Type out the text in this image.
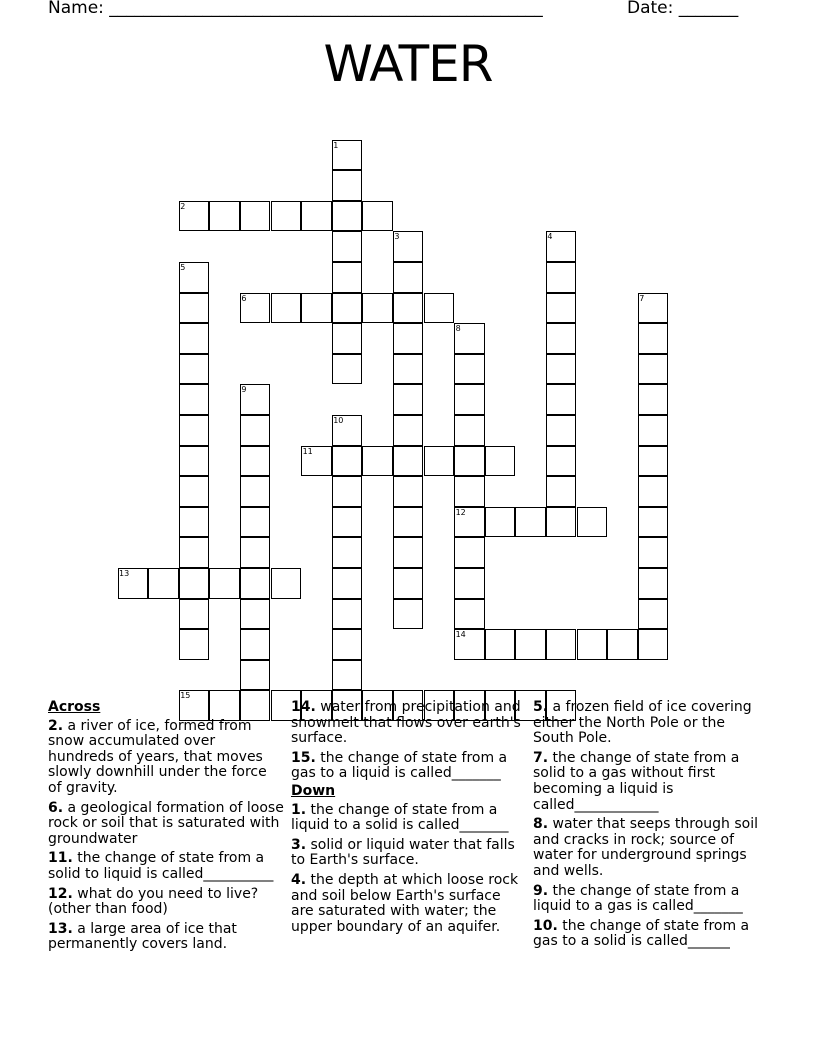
Name: ___________________________________________________	Date: _______
WATER
1
2
3	4
5
6	7
8
12
14
9
10
11
13
15
Across

2. a river of ice, formed from snow accumulated over hundreds of years, that moves slowly downhill under the force of gravity.

6. a geological formation of loose rock or soil that is saturated with groundwater

11. the change of state from a solid to liquid is called__________

12. what do you need to live?(other than food)

13. a large area of ice that permanently covers land.

14. water from precipitation and snowmelt that flows over earth's surface.

15. the change of state from a gas to a liquid is called_______

Down

1. the change of state from a liquid to a solid is called_______

3. solid or liquid water that falls to Earth's surface.

4. the depth at which loose rock and soil below Earth's surface are saturated with water; the upper boundary of an aquifer.

5. a frozen field of ice covering either the North Pole or the South Pole.

7. the change of state from a solid to a gas without first becoming a liquid is called____________

8. water that seeps through soil and cracks in rock; source of water for underground springs and wells.

9. the change of state from a liquid to a gas is called_______

10. the change of state from a gas to a solid is called______
